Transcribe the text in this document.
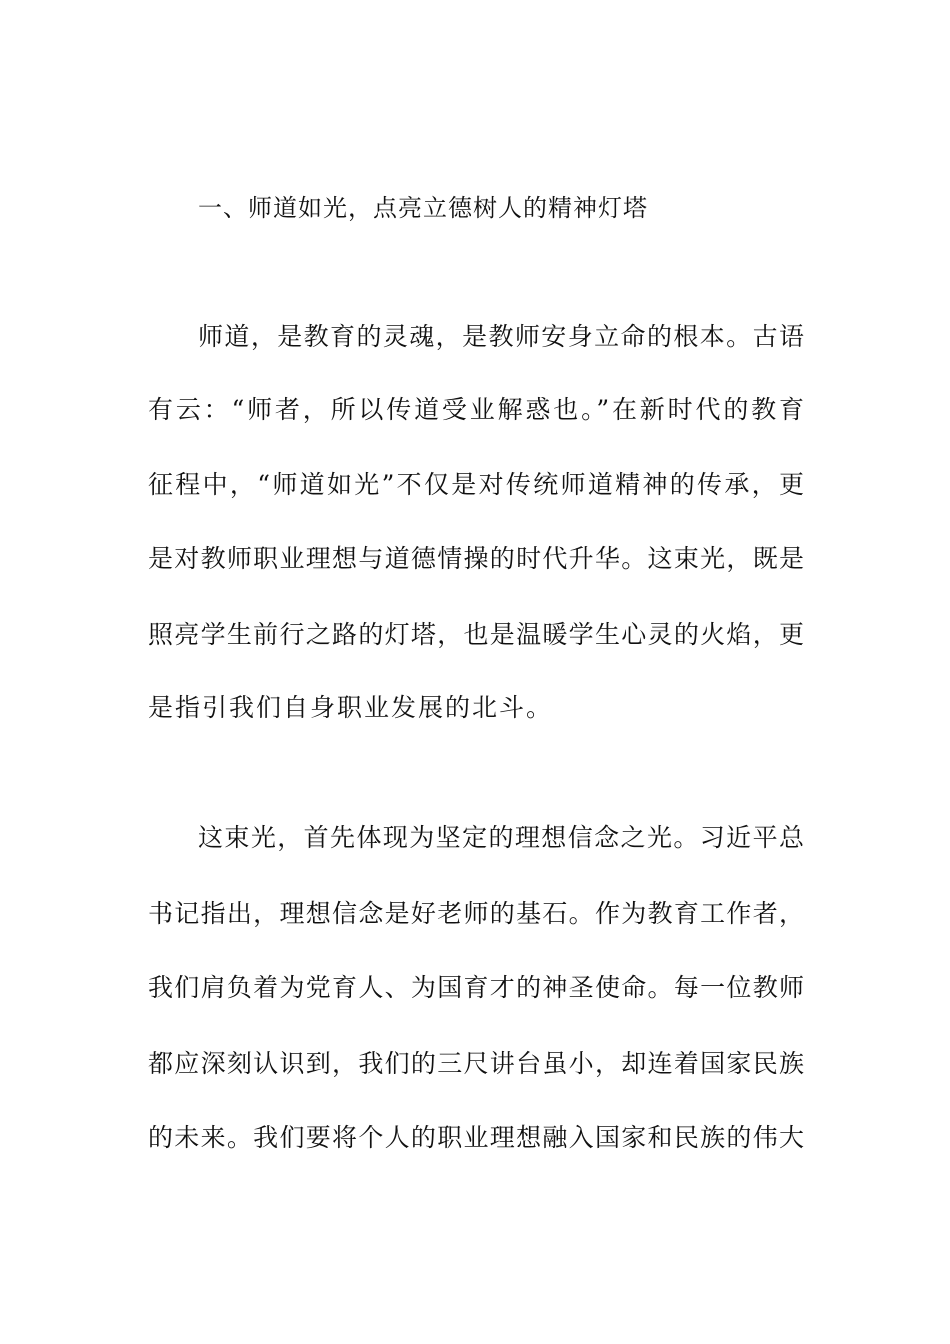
一、师道如光，点亮立德树人的精神灯塔
师道，是教育的灵魂，是教师安身立命的根本。古语
有云：“师者，所以传道受业解惑也。”在新时代的教育
征程中，“师道如光”不仅是对传统师道精神的传承，更
是对教师职业理想与道德情操的时代升华。这束光，既是
照亮学生前行之路的灯塔，也是温暖学生心灵的火焰，更
是指引我们自身职业发展的北斗。
这束光，首先体现为坚定的理想信念之光。习近平总
书记指出，理想信念是好老师的基石。作为教育工作者，
我们肩负着为党育人、为国育才的神圣使命。每一位教师
都应深刻认识到，我们的三尺讲台虽小，却连着国家民族
的未来。我们要将个人的职业理想融入国家和民族的伟大
